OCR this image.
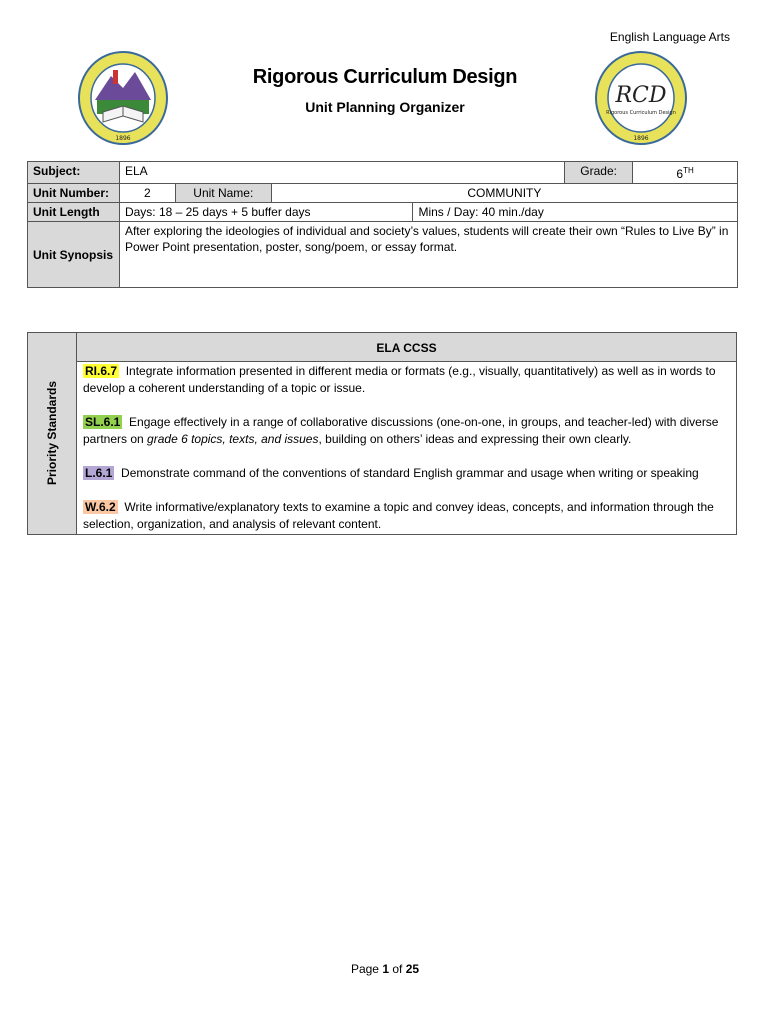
English Language Arts
1896
Rigorous Curriculum Design
Unit Planning Organizer	RCD
Rigorous Curriculum Design
1896
Subject:	ELA				Grade:	6TH
Unit Number:	2	Unit Name:	COMMUNITY			
Unit Length	Days: 18 – 25 days + 5 buffer days			Mins / Day: 40 min./day		
Unit Synopsis	After exploring the ideologies of individual and society’s values, students will create their own “Rules to Live By” in Power Point presentation, poster, song/poem, or essay format.					
Priority Standards
ELA CCSS
RI.6.7 Integrate information presented in different media or formats (e.g., visually, quantitatively) as well as in words to develop a coherent understanding of a topic or issue.
SL.6.1 Engage effectively in a range of collaborative discussions (one-on-one, in groups, and teacher-led) with diverse partners on grade 6 topics, texts, and issues, building on others’ ideas and expressing their own clearly.
L.6.1 Demonstrate command of the conventions of standard English grammar and usage when writing or speaking
W.6.2 Write informative/explanatory texts to examine a topic and convey ideas, concepts, and information through the selection, organization, and analysis of relevant content.
Page 1 of 25
